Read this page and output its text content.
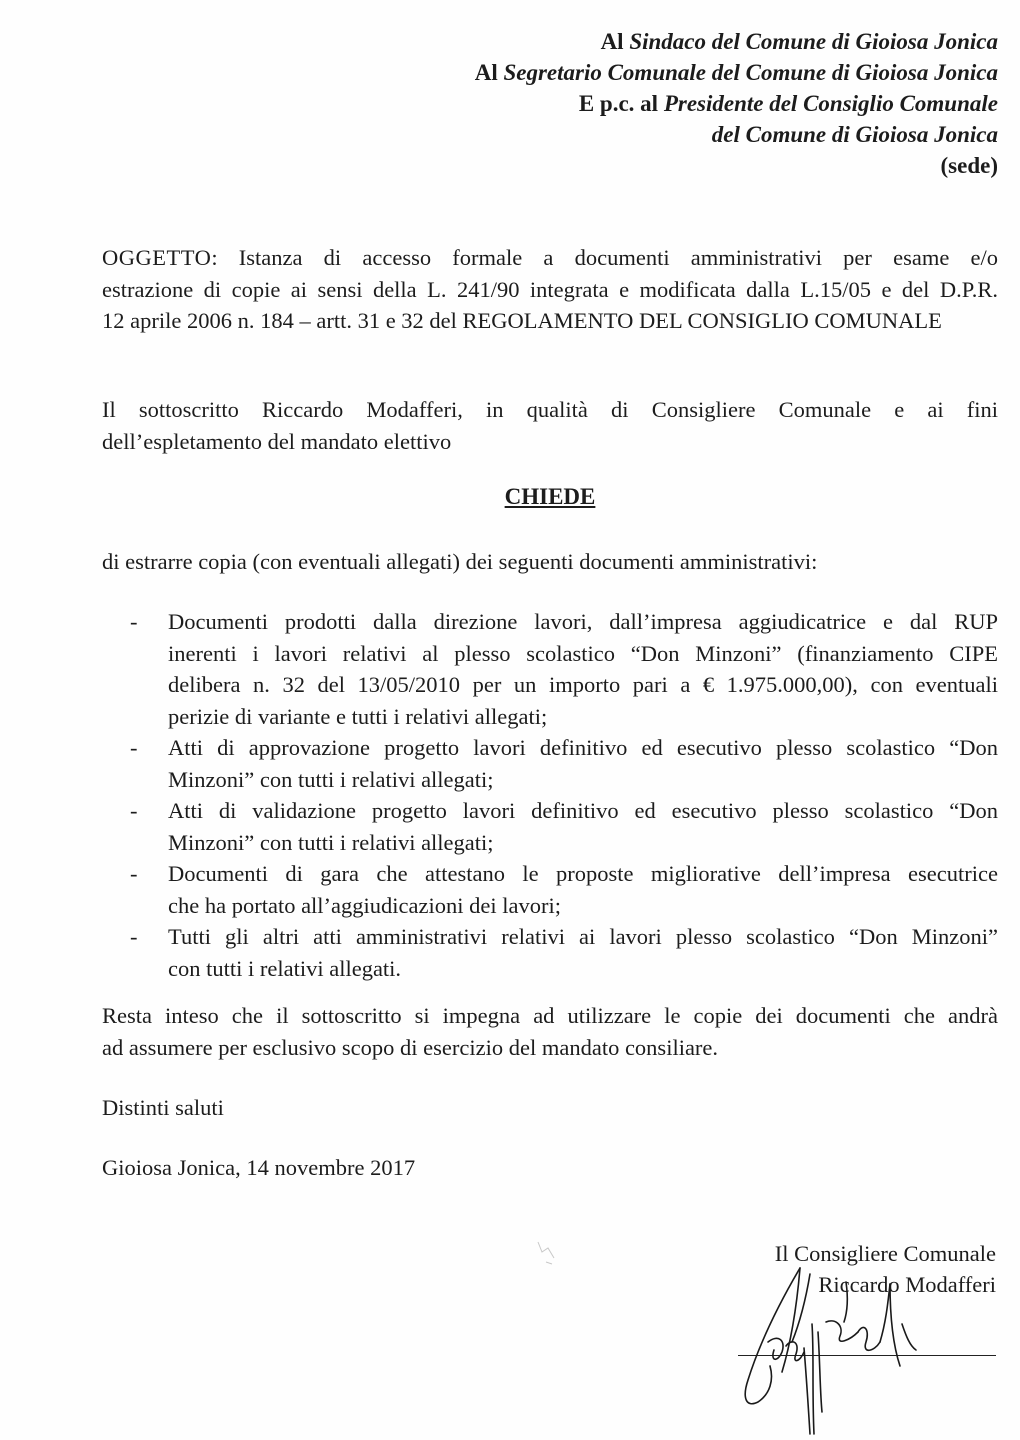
Al Sindaco del Comune di Gioiosa Jonica
Al Segretario Comunale del Comune di Gioiosa Jonica
E p.c. al Presidente del Consiglio Comunale
del Comune di Gioiosa Jonica
(sede)
OGGETTO: Istanza di accesso formale a documenti amministrativi per esame e/o
estrazione di copie ai sensi della L. 241/90 integrata e modificata dalla L.15/05 e del D.P.R.
12 aprile 2006 n. 184 – artt. 31 e 32 del REGOLAMENTO DEL CONSIGLIO COMUNALE
Il sottoscritto Riccardo Modafferi, in qualità di Consigliere Comunale e ai fini
dell’espletamento del mandato elettivo
CHIEDE
di estrarre copia (con eventuali allegati) dei seguenti documenti amministrativi:
- Documenti prodotti dalla direzione lavori, dall’impresa aggiudicatrice e dal RUP
inerenti i lavori relativi al plesso scolastico “Don Minzoni” (finanziamento CIPE
delibera n. 32 del 13/05/2010 per un importo pari a € 1.975.000,00), con eventuali
perizie di variante e tutti i relativi allegati;
- Atti di approvazione progetto lavori definitivo ed esecutivo plesso scolastico “Don
Minzoni” con tutti i relativi allegati;
- Atti di validazione progetto lavori definitivo ed esecutivo plesso scolastico “Don
Minzoni” con tutti i relativi allegati;
- Documenti di gara che attestano le proposte migliorative dell’impresa esecutrice
che ha portato all’aggiudicazioni dei lavori;
- Tutti gli altri atti amministrativi relativi ai lavori plesso scolastico “Don Minzoni”
con tutti i relativi allegati.
Resta inteso che il sottoscritto si impegna ad utilizzare le copie dei documenti che andrà
ad assumere per esclusivo scopo di esercizio del mandato consiliare.
Distinti saluti
Gioiosa Jonica, 14 novembre 2017
Il Consigliere Comunale
Riccardo Modafferi
